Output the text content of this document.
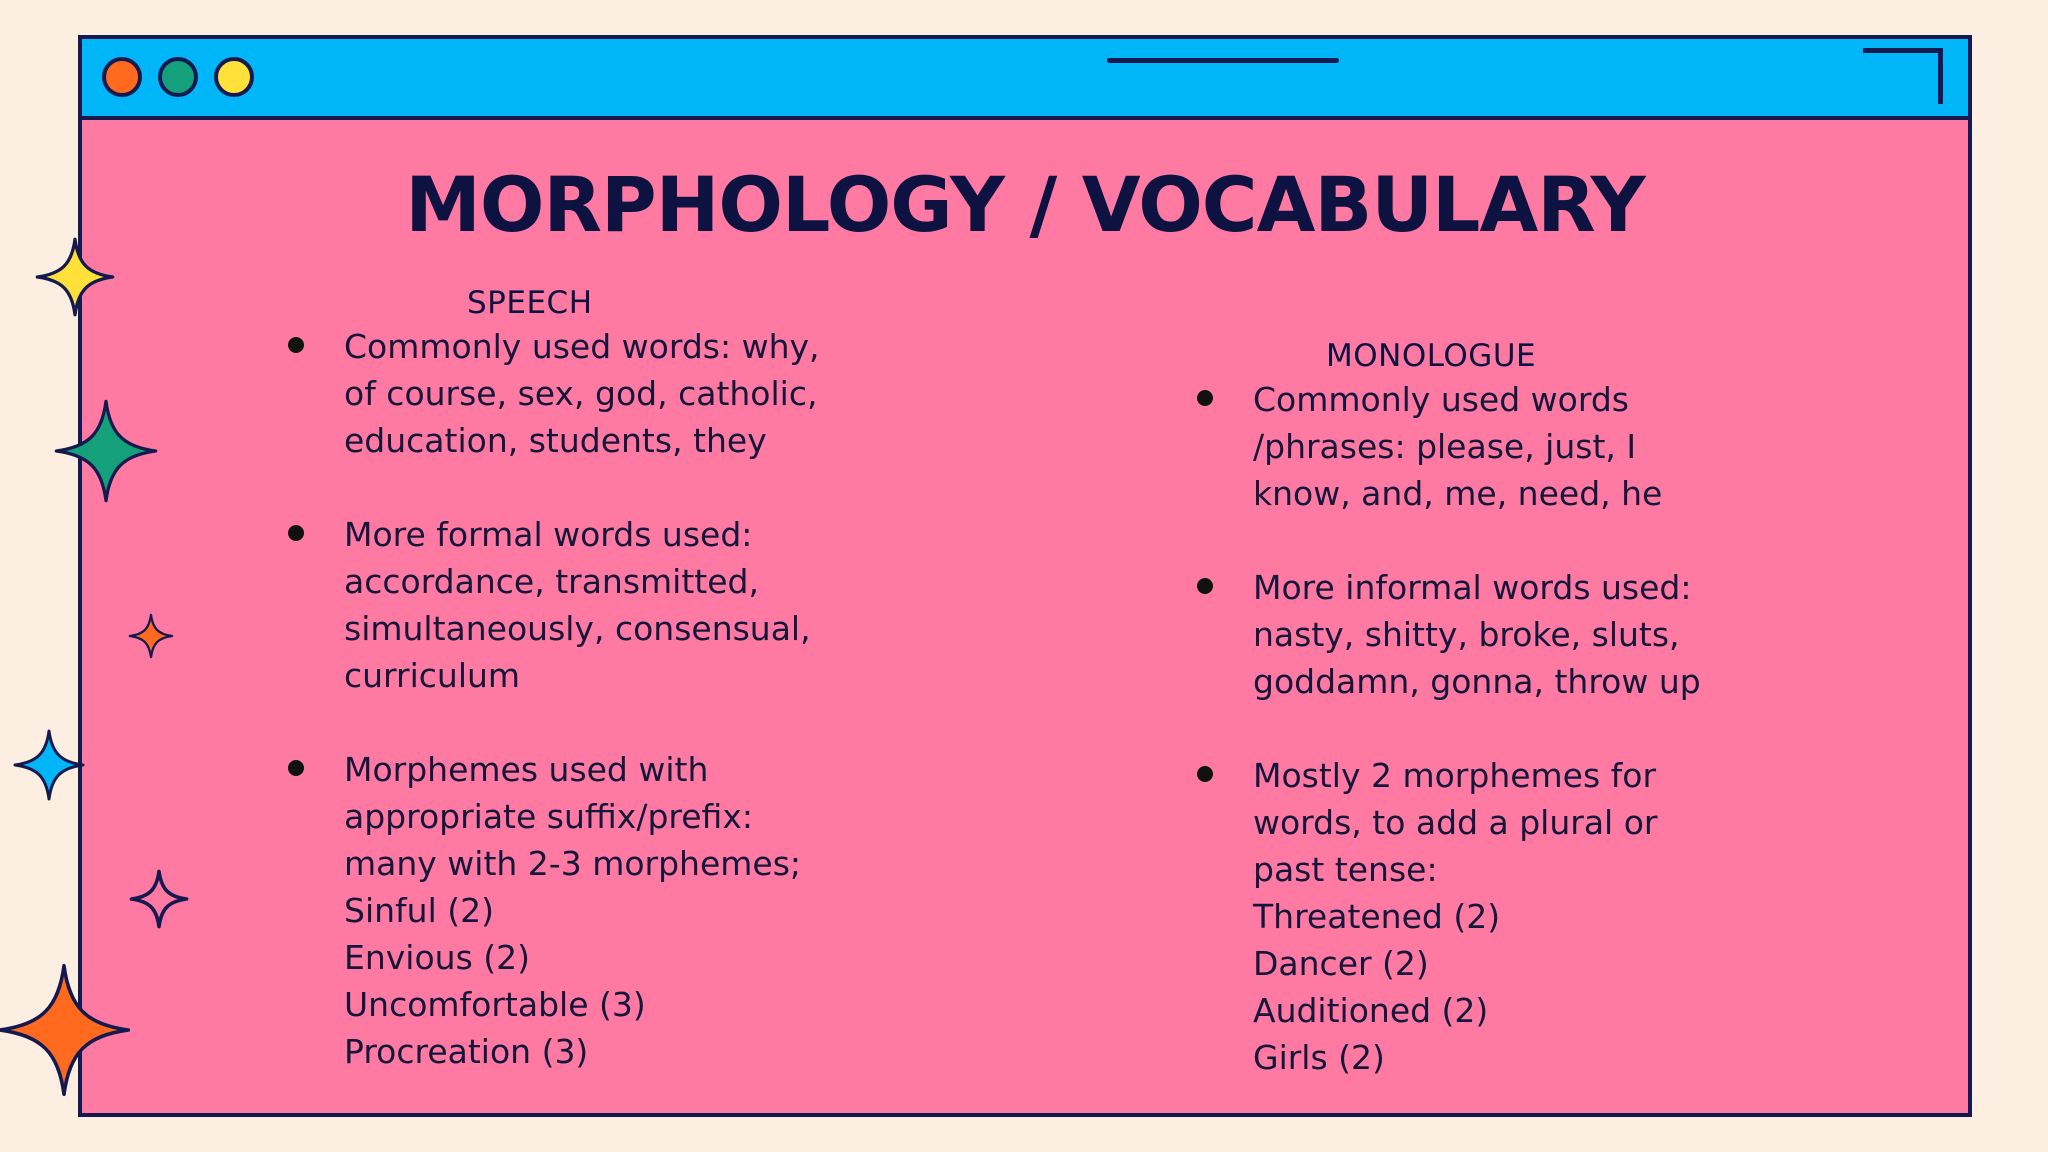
MORPHOLOGY / VOCABULARY
SPEECH
Commonly used words: why,
of course, sex, god, catholic,
education, students, they
More formal words used:
accordance, transmitted,
simultaneously, consensual,
curriculum
Morphemes used with
appropriate suffix/prefix:
many with 2-3 morphemes;
Sinful (2)
Envious (2)
Uncomfortable (3)
Procreation (3)
MONOLOGUE
Commonly used words
/phrases: please, just, I
know, and, me, need, he
More informal words used:
nasty, shitty, broke, sluts,
goddamn, gonna, throw up
Mostly 2 morphemes for
words, to add a plural or
past tense:
Threatened (2)
Dancer (2)
Auditioned (2)
Girls (2)
